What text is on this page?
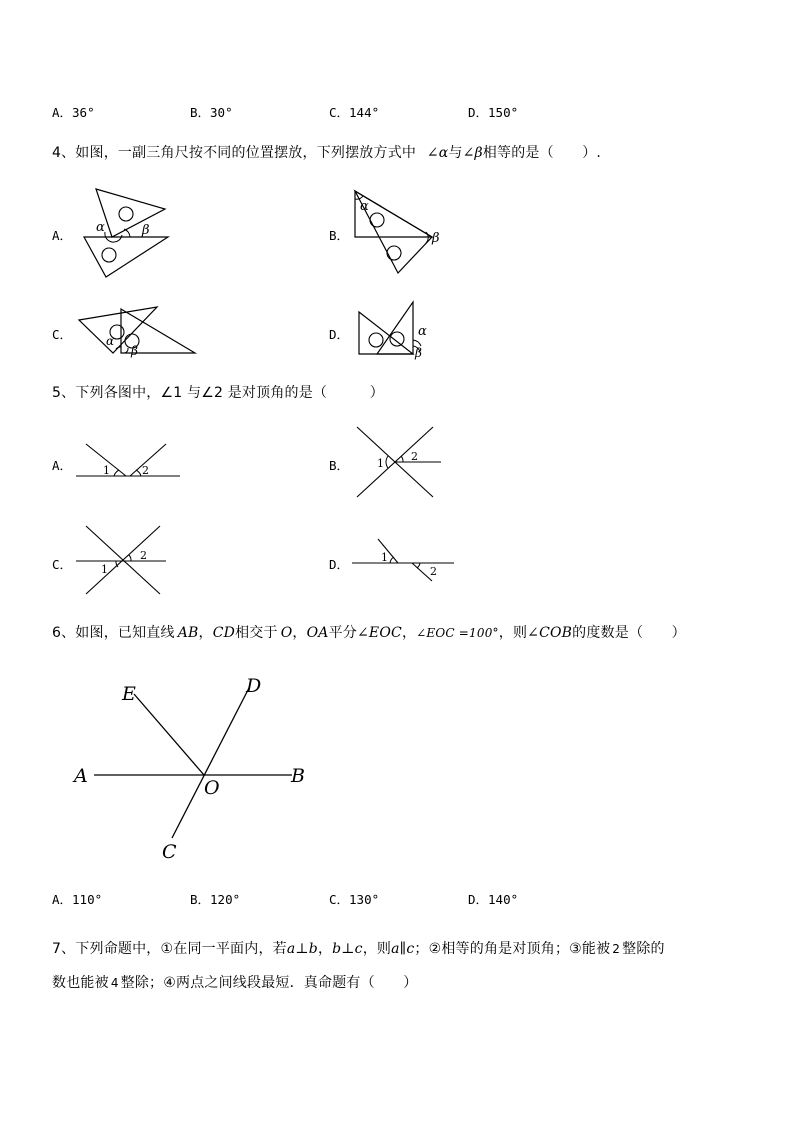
A．36°	B．30°	C．144°	D．150°
4、如图，一副三角尺按不同的位置摆放，下列摆放方式中 ∠α与∠β相等的是（　　）.
A．	B．
C．	D．
α	β
α
β
α
β
α
β
5、下列各图中，∠1 与∠2 是对顶角的是（　　　）
A．	B．
C．	D．
1	2
1
2
2
1
1
2
6、如图，已知直线 AB，CD相交于 O，OA平分∠EOC，∠EOC =100°，则∠COB的度数是（　　）
E	D
A	B
O
C
A．110°	B．120°	C．130°	D．140°
7、下列命题中，①在同一平面内，若a⊥b，b⊥c，则a∥c；②相等的角是对顶角；③能被 2 整除的
数也能被 4 整除；④两点之间线段最短．真命题有（　　）
